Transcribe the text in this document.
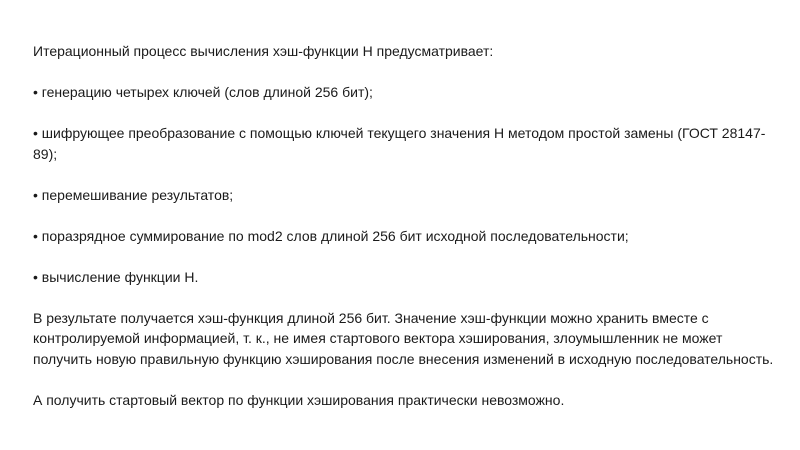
Итерационный процесс вычисления хэш-функции H предусматривает:

• генерацию четырех ключей (слов длиной 256 бит);

• шифрующее преобразование с помощью ключей текущего значения H методом простой замены (ГОСТ 28147-89);

• перемешивание результатов;

• поразрядное суммирование по mod2 слов длиной 256 бит исходной последовательности;

• вычисление функции H.

В результате получается хэш-функция длиной 256 бит. Значение хэш-функции можно хранить вместе с контролируемой информацией, т. к., не имея стартового вектора хэширования, злоумышленник не может получить новую правильную функцию хэширования после внесения изменений в исходную последовательность.

А получить стартовый вектор по функции хэширования практически невозможно.
